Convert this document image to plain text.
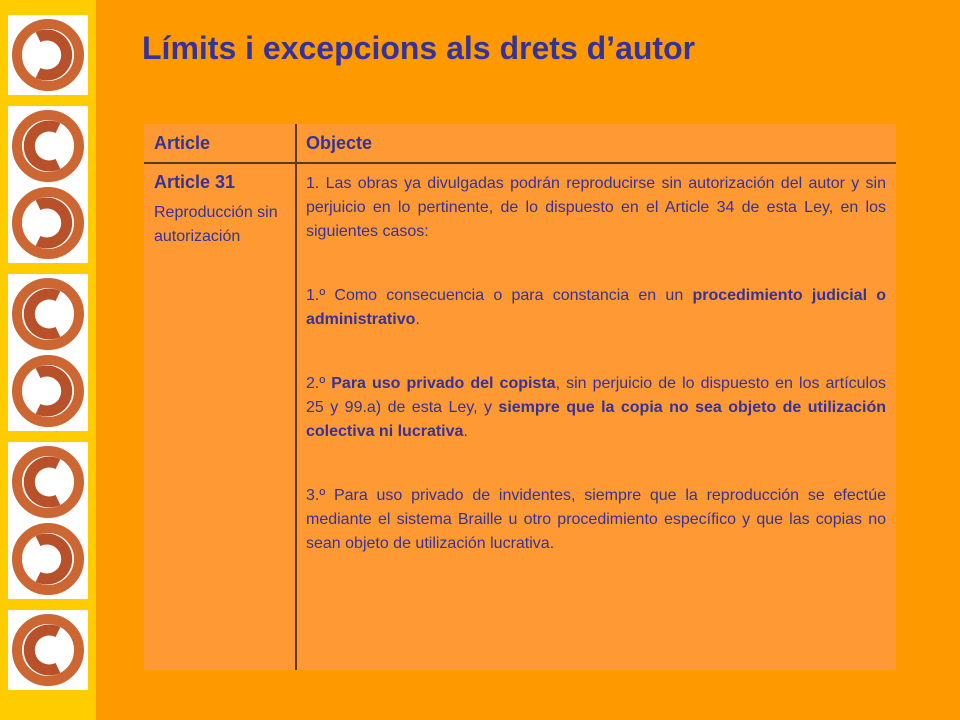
Límits i excepcions als drets d’autor
Article	Objecte

Article 31

Reproducción sin autorización

1. Las obras ya divulgadas podrán reproducirse sin autorización del autor y sin perjuicio en lo pertinente, de lo dispuesto en el Article 34 de esta Ley, en los siguientes casos:

1.º Como consecuencia o para constancia en un procedimiento judicial o administrativo.

2.º Para uso privado del copista, sin perjuicio de lo dispuesto en los artículos 25 y 99.a) de esta Ley, y siempre que la copia no sea objeto de utilización colectiva ni lucrativa.

3.º Para uso privado de invidentes, siempre que la reproducción se efectúe mediante el sistema Braille u otro procedimiento específico y que las copias no sean objeto de utilización lucrativa.
